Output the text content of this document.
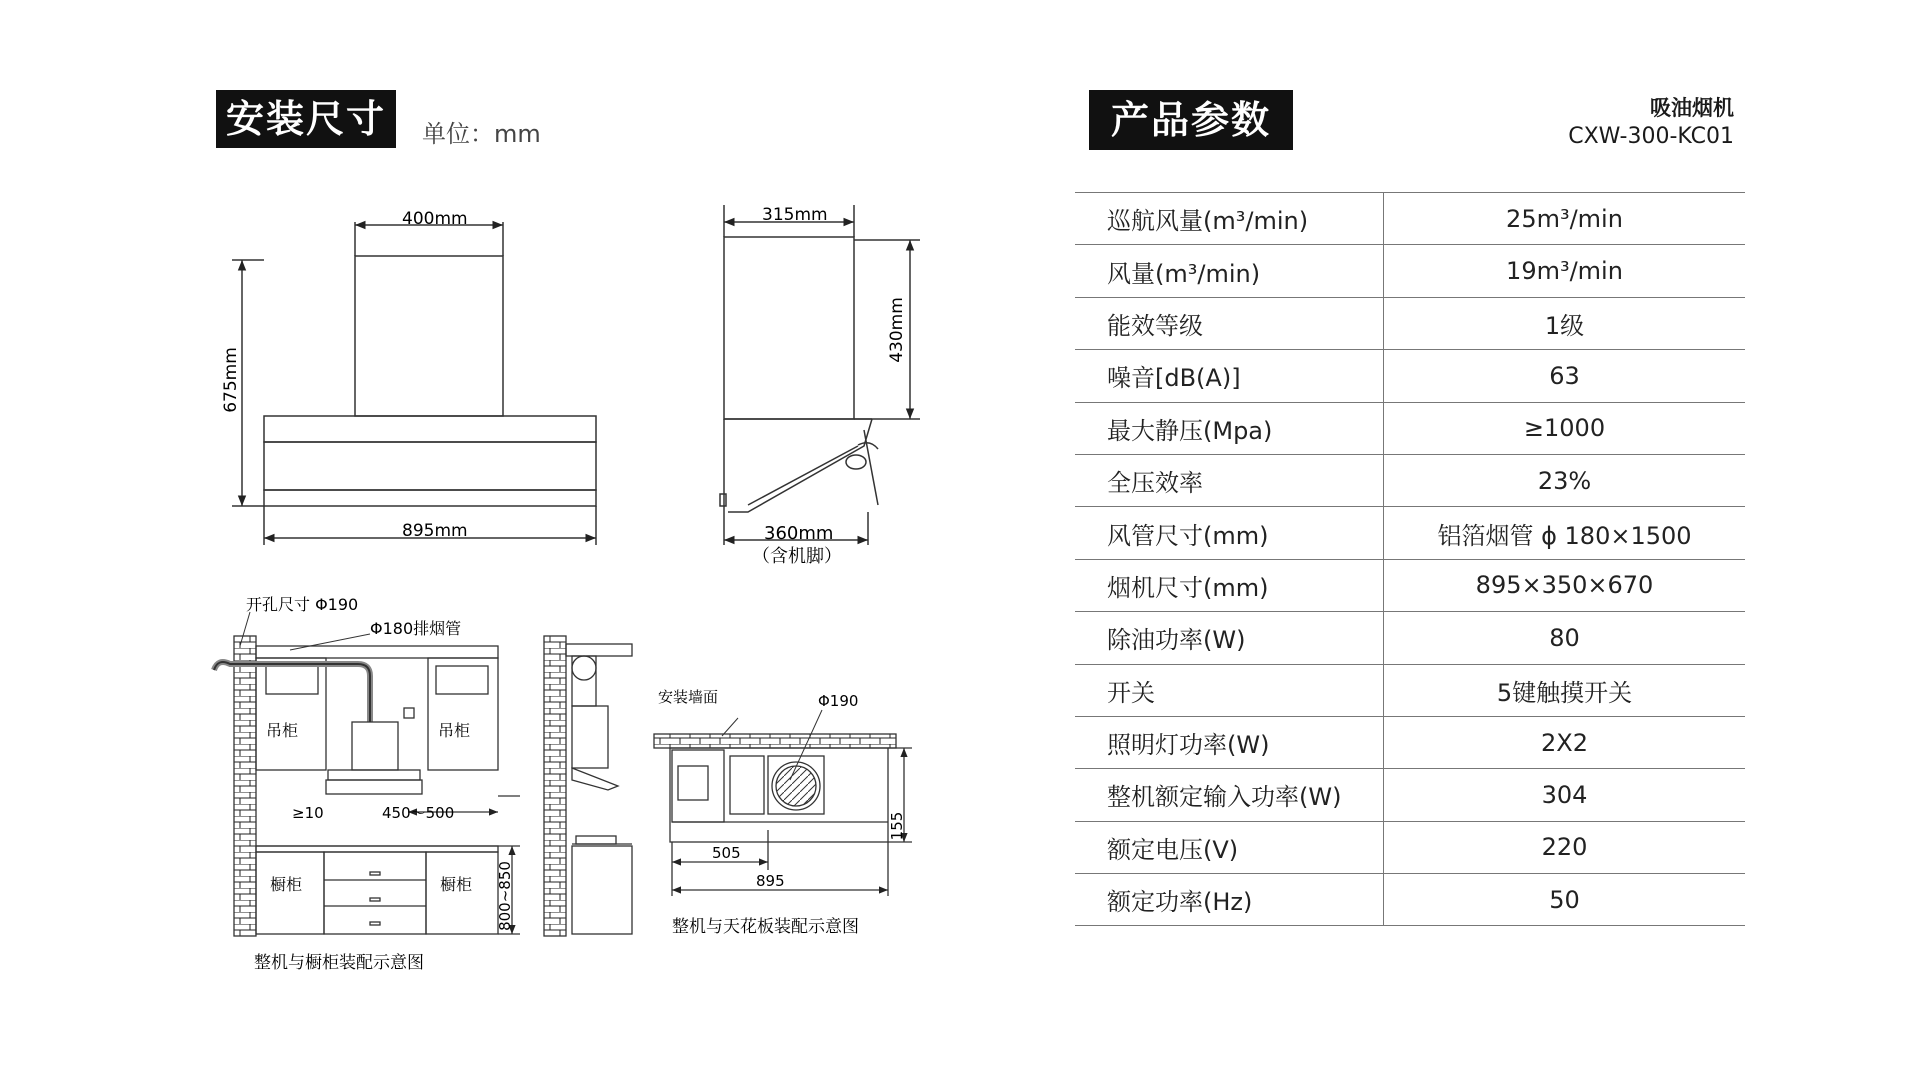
安装尺寸	单位：mm	产品参数	吸油烟机
CXW-300-KC01
400mm
675mm
895mm
315mm
430mm
360mm
（含机脚）
开孔尺寸 Φ190
Φ180排烟管
吊柜	吊柜
≥10	450～500
橱柜	橱柜 800~850
整机与橱柜装配示意图
安装墙面	Φ190
155
505
895
整机与天花板装配示意图
巡航风量(m³/min)	25m³/min
风量(m³/min)	19m³/min
能效等级	1级
噪音[dB(A)]	63
最大静压(Mpa)	≥1000
全压效率	23%
风管尺寸(mm)	铝箔烟管 ϕ 180×1500
烟机尺寸(mm)	895×350×670
除油功率(W)	80
开关	5键触摸开关
照明灯功率(W)	2X2
整机额定输入功率(W)	304
额定电压(V)	220
额定功率(Hz)	50
